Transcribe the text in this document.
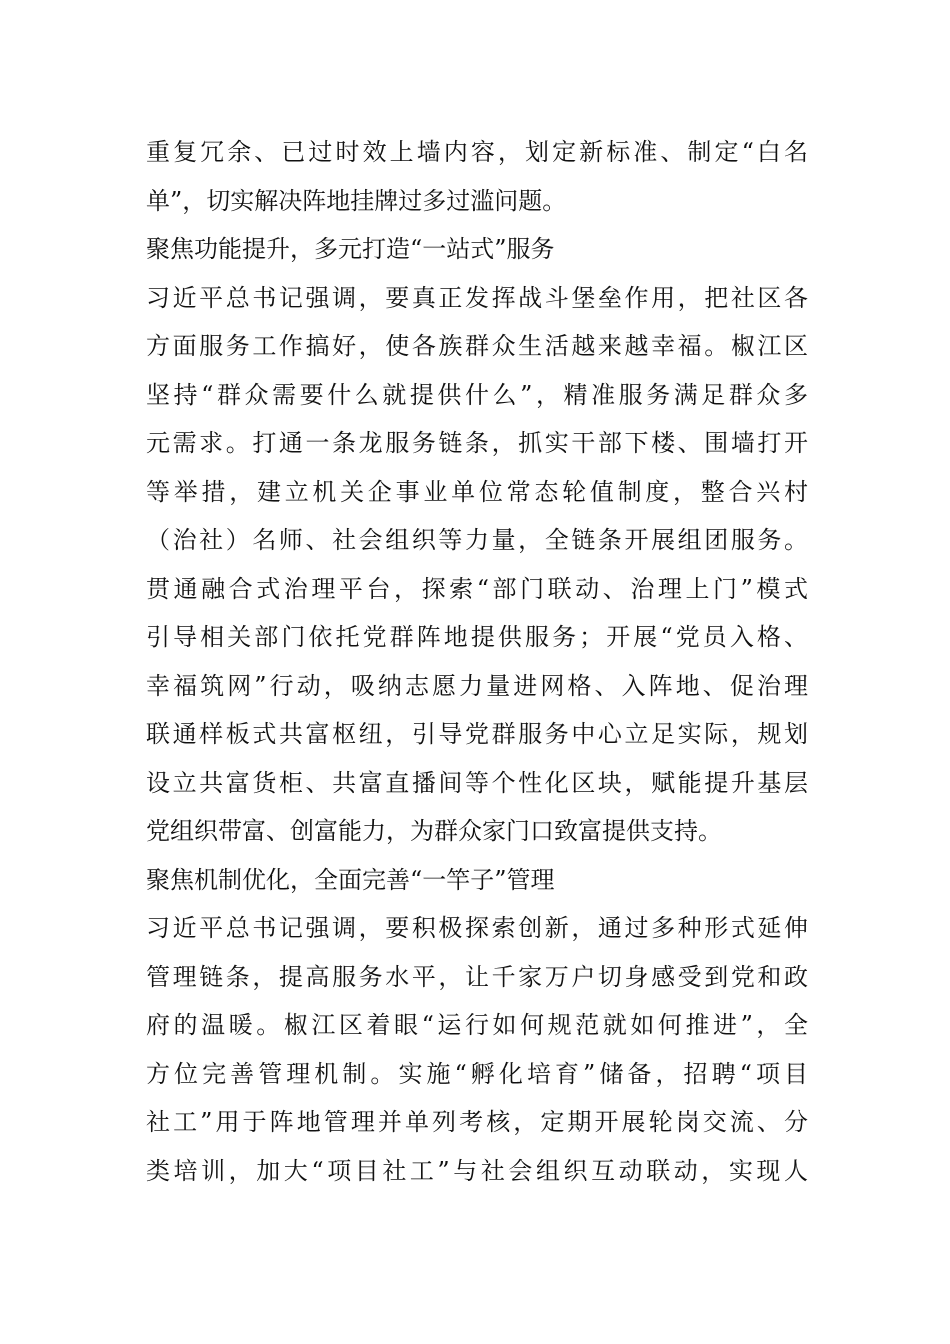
重复冗余、已过时效上墙内容，划定新标准、制定“白名
单”，切实解决阵地挂牌过多过滥问题。
聚焦功能提升，多元打造“一站式”服务
习近平总书记强调，要真正发挥战斗堡垒作用，把社区各
方面服务工作搞好，使各族群众生活越来越幸福。椒江区
坚持“群众需要什么就提供什么”，精准服务满足群众多
元需求。打通一条龙服务链条，抓实干部下楼、围墙打开
等举措，建立机关企事业单位常态轮值制度，整合兴村
（治社）名师、社会组织等力量，全链条开展组团服务。
贯通融合式治理平台，探索“部门联动、治理上门”模式
引导相关部门依托党群阵地提供服务；开展“党员入格、
幸福筑网”行动，吸纳志愿力量进网格、入阵地、促治理
联通样板式共富枢纽，引导党群服务中心立足实际，规划
设立共富货柜、共富直播间等个性化区块，赋能提升基层
党组织带富、创富能力，为群众家门口致富提供支持。
聚焦机制优化，全面完善“一竿子”管理
习近平总书记强调，要积极探索创新，通过多种形式延伸
管理链条，提高服务水平，让千家万户切身感受到党和政
府的温暖。椒江区着眼“运行如何规范就如何推进”，全
方位完善管理机制。实施“孵化培育”储备，招聘“项目
社工”用于阵地管理并单列考核，定期开展轮岗交流、分
类培训，加大“项目社工”与社会组织互动联动，实现人
